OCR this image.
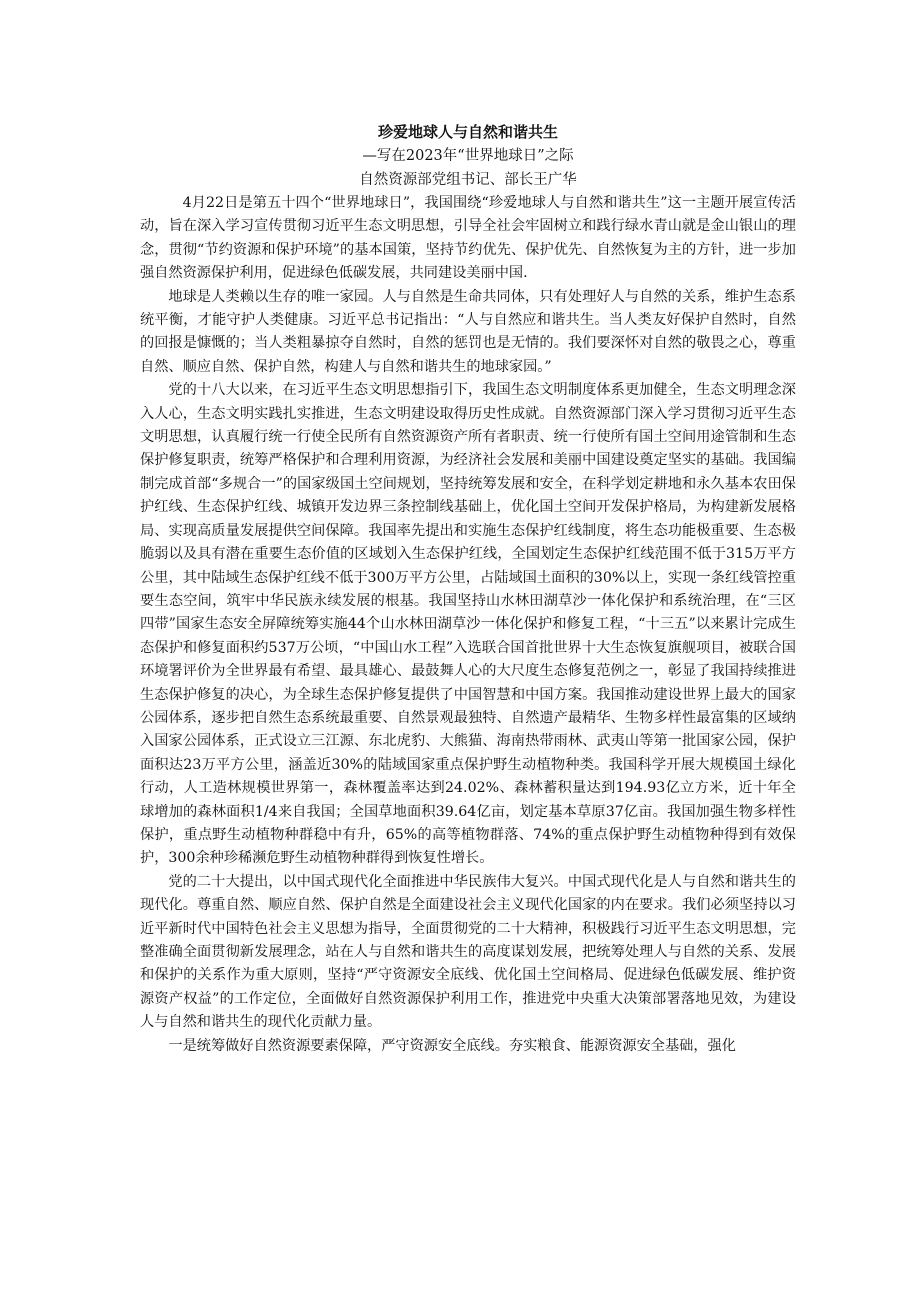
珍爱地球人与自然和谐共生

—写在2023年“世界地球日”之际

自然资源部党组书记、部长王广华

4月22日是第五十四个“世界地球日”，我国围绕“珍爱地球人与自然和谐共生”这一主题开展宣传活动，旨在深入学习宣传贯彻习近平生态文明思想，引导全社会牢固树立和践行绿水青山就是金山银山的理念，贯彻“节约资源和保护环境”的基本国策，坚持节约优先、保护优先、自然恢复为主的方针，进一步加强自然资源保护利用，促进绿色低碳发展，共同建设美丽中国.

地球是人类赖以生存的唯一家园。人与自然是生命共同体，只有处理好人与自然的关系，维护生态系统平衡，才能守护人类健康。习近平总书记指出：“人与自然应和谐共生。当人类友好保护自然时，自然的回报是慷慨的；当人类粗暴掠夺自然时，自然的惩罚也是无情的。我们要深怀对自然的敬畏之心，尊重自然、顺应自然、保护自然，构建人与自然和谐共生的地球家园。”

党的十八大以来，在习近平生态文明思想指引下，我国生态文明制度体系更加健全，生态文明理念深入人心，生态文明实践扎实推进，生态文明建设取得历史性成就。自然资源部门深入学习贯彻习近平生态文明思想，认真履行统一行使全民所有自然资源资产所有者职责、统一行使所有国土空间用途管制和生态保护修复职责，统筹严格保护和合理利用资源，为经济社会发展和美丽中国建设奠定坚实的基础。我国编制完成首部“多规合一”的国家级国土空间规划，坚持统筹发展和安全，在科学划定耕地和永久基本农田保护红线、生态保护红线、城镇开发边界三条控制线基础上，优化国土空间开发保护格局，为构建新发展格局、实现高质量发展提供空间保障。我国率先提出和实施生态保护红线制度，将生态功能极重要、生态极脆弱以及具有潜在重要生态价值的区域划入生态保护红线，全国划定生态保护红线范围不低于315万平方公里，其中陆域生态保护红线不低于300万平方公里，占陆域国土面积的30%以上，实现一条红线管控重要生态空间，筑牢中华民族永续发展的根基。我国坚持山水林田湖草沙一体化保护和系统治理，在“三区四带”国家生态安全屏障统筹实施44个山水林田湖草沙一体化保护和修复工程，“十三五”以来累计完成生态保护和修复面积约537万公顷，“中国山水工程”入选联合国首批世界十大生态恢复旗舰项目，被联合国环境署评价为全世界最有希望、最具雄心、最鼓舞人心的大尺度生态修复范例之一，彰显了我国持续推进生态保护修复的决心，为全球生态保护修复提供了中国智慧和中国方案。我国推动建设世界上最大的国家公园体系，逐步把自然生态系统最重要、自然景观最独特、自然遗产最精华、生物多样性最富集的区域纳入国家公园体系，正式设立三江源、东北虎豹、大熊猫、海南热带雨林、武夷山等第一批国家公园，保护面积达23万平方公里，涵盖近30%的陆域国家重点保护野生动植物种类。我国科学开展大规模国土绿化行动，人工造林规模世界第一，森林覆盖率达到24.02%、森林蓄积量达到194.93亿立方米，近十年全球增加的森林面积1/4来自我国；全国草地面积39.64亿亩，划定基本草原37亿亩。我国加强生物多样性保护，重点野生动植物种群稳中有升，65%的高等植物群落、74%的重点保护野生动植物种得到有效保护，300余种珍稀濒危野生动植物种群得到恢复性增长。

党的二十大提出，以中国式现代化全面推进中华民族伟大复兴。中国式现代化是人与自然和谐共生的现代化。尊重自然、顺应自然、保护自然是全面建设社会主义现代化国家的内在要求。我们必须坚持以习近平新时代中国特色社会主义思想为指导，全面贯彻党的二十大精神，积极践行习近平生态文明思想，完整准确全面贯彻新发展理念，站在人与自然和谐共生的高度谋划发展，把统筹处理人与自然的关系、发展和保护的关系作为重大原则，坚持“严守资源安全底线、优化国土空间格局、促进绿色低碳发展、维护资源资产权益”的工作定位，全面做好自然资源保护利用工作，推进党中央重大决策部署落地见效，为建设人与自然和谐共生的现代化贡献力量。

一是统筹做好自然资源要素保障，严守资源安全底线。夯实粮食、能源资源安全基础，强化
